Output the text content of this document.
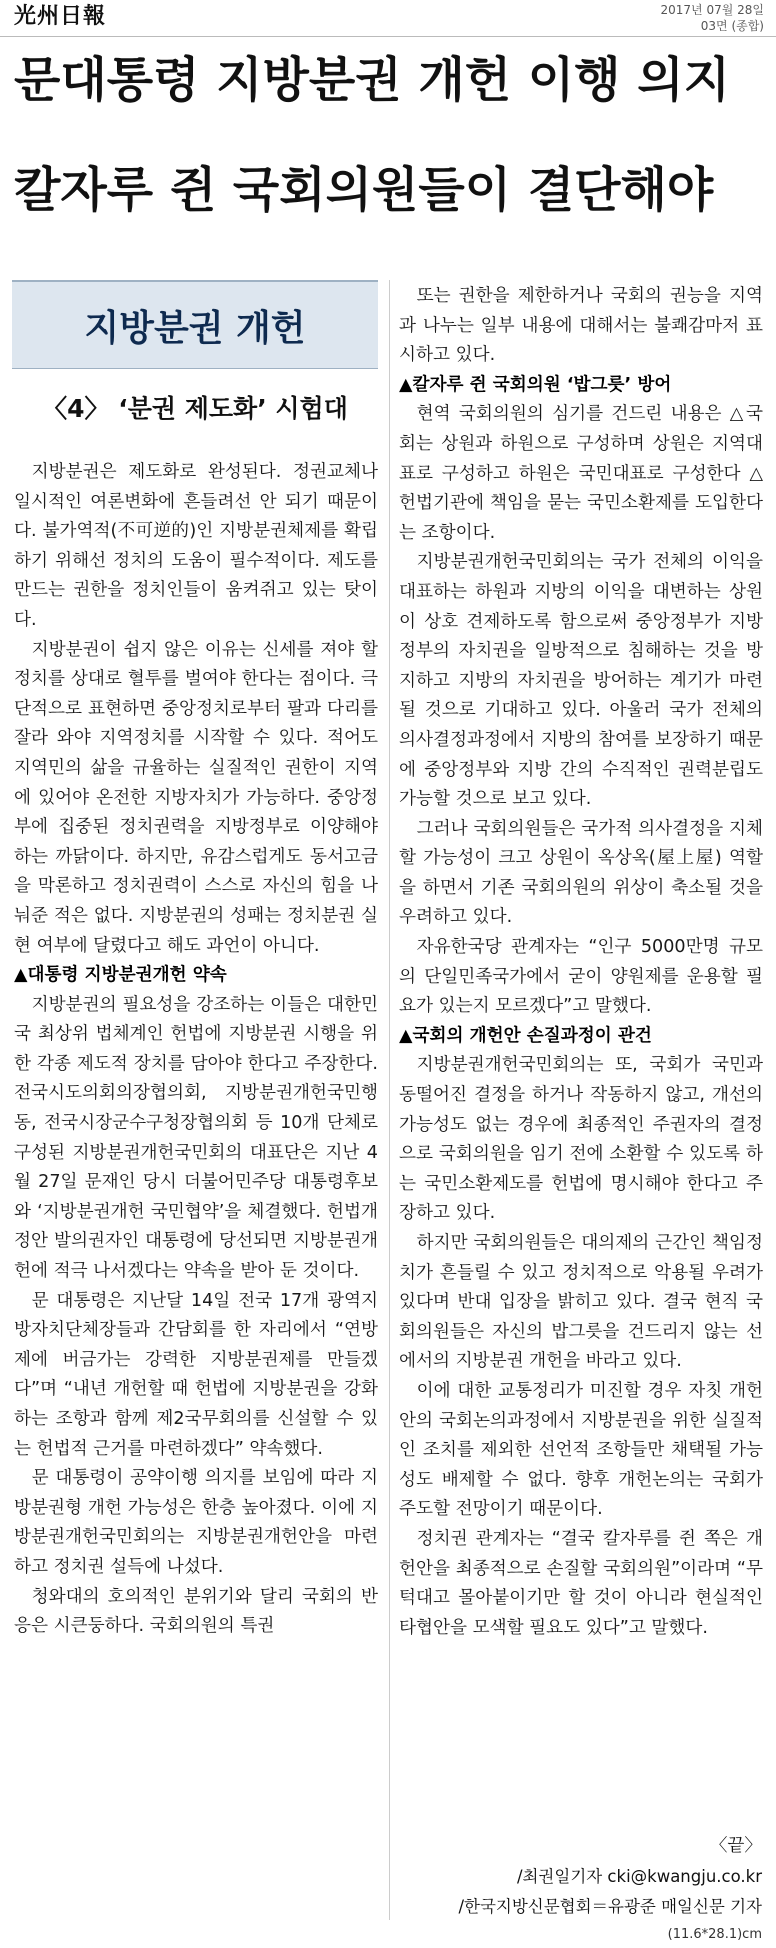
光州日報	2017년 07월 28일
03면 (종합)
문대통령 지방분권 개헌 이행 의지
칼자루 쥔 국회의원들이 결단해야
지방분권 개헌
〈4〉 ‘분권 제도화’ 시험대

지방분권은 제도화로 완성된다. 정권교체나 일시적인 여론변화에 흔들려선 안 되기 때문이다. 불가역적(不可逆的)인 지방분권체제를 확립하기 위해선 정치의 도움이 필수적이다. 제도를 만드는 권한을 정치인들이 움켜쥐고 있는 탓이다.

지방분권이 쉽지 않은 이유는 신세를 져야 할 정치를 상대로 혈투를 벌여야 한다는 점이다. 극단적으로 표현하면 중앙정치로부터 팔과 다리를 잘라 와야 지역정치를 시작할 수 있다. 적어도 지역민의 삶을 규율하는 실질적인 권한이 지역에 있어야 온전한 지방자치가 가능하다. 중앙정부에 집중된 정치권력을 지방정부로 이양해야 하는 까닭이다. 하지만, 유감스럽게도 동서고금을 막론하고 정치권력이 스스로 자신의 힘을 나눠준 적은 없다. 지방분권의 성패는 정치분권 실현 여부에 달렸다고 해도 과언이 아니다.

▲대통령 지방분권개헌 약속

지방분권의 필요성을 강조하는 이들은 대한민국 최상위 법체계인 헌법에 지방분권 시행을 위한 각종 제도적 장치를 담아야 한다고 주장한다. 전국시도의회의장협의회, 지방분권개헌국민행동, 전국시장군수구청장협의회 등 10개 단체로 구성된 지방분권개헌국민회의 대표단은 지난 4월 27일 문재인 당시 더불어민주당 대통령후보와 ‘지방분권개헌 국민협약’을 체결했다. 헌법개정안 발의권자인 대통령에 당선되면 지방분권개헌에 적극 나서겠다는 약속을 받아 둔 것이다.

문 대통령은 지난달 14일 전국 17개 광역지방자치단체장들과 간담회를 한 자리에서 “연방제에 버금가는 강력한 지방분권제를 만들겠다”며 “내년 개헌할 때 헌법에 지방분권을 강화하는 조항과 함께 제2국무회의를 신설할 수 있는 헌법적 근거를 마련하겠다” 약속했다.

문 대통령이 공약이행 의지를 보임에 따라 지방분권형 개헌 가능성은 한층 높아졌다. 이에 지방분권개헌국민회의는 지방분권개헌안을 마련하고 정치권 설득에 나섰다.

청와대의 호의적인 분위기와 달리 국회의 반응은 시큰둥하다. 국회의원의 특권

또는 권한을 제한하거나 국회의 권능을 지역과 나누는 일부 내용에 대해서는 불쾌감마저 표시하고 있다.

▲칼자루 쥔 국회의원 ‘밥그릇’ 방어

현역 국회의원의 심기를 건드린 내용은 △국회는 상원과 하원으로 구성하며 상원은 지역대표로 구성하고 하원은 국민대표로 구성한다 △헌법기관에 책임을 묻는 국민소환제를 도입한다는 조항이다.

지방분권개헌국민회의는 국가 전체의 이익을 대표하는 하원과 지방의 이익을 대변하는 상원이 상호 견제하도록 함으로써 중앙정부가 지방정부의 자치권을 일방적으로 침해하는 것을 방지하고 지방의 자치권을 방어하는 계기가 마련될 것으로 기대하고 있다. 아울러 국가 전체의 의사결정과정에서 지방의 참여를 보장하기 때문에 중앙정부와 지방 간의 수직적인 권력분립도 가능할 것으로 보고 있다.

그러나 국회의원들은 국가적 의사결정을 지체할 가능성이 크고 상원이 옥상옥(屋上屋) 역할을 하면서 기존 국회의원의 위상이 축소될 것을 우려하고 있다.

자유한국당 관계자는 “인구 5000만명 규모의 단일민족국가에서 굳이 양원제를 운용할 필요가 있는지 모르겠다”고 말했다.

▲국회의 개헌안 손질과정이 관건

지방분권개헌국민회의는 또, 국회가 국민과 동떨어진 결정을 하거나 작동하지 않고, 개선의 가능성도 없는 경우에 최종적인 주권자의 결정으로 국회의원을 임기 전에 소환할 수 있도록 하는 국민소환제도를 헌법에 명시해야 한다고 주장하고 있다.

하지만 국회의원들은 대의제의 근간인 책임정치가 흔들릴 수 있고 정치적으로 악용될 우려가 있다며 반대 입장을 밝히고 있다. 결국 현직 국회의원들은 자신의 밥그릇을 건드리지 않는 선에서의 지방분권 개헌을 바라고 있다.

이에 대한 교통정리가 미진할 경우 자칫 개헌안의 국회논의과정에서 지방분권을 위한 실질적인 조치를 제외한 선언적 조항들만 채택될 가능성도 배제할 수 없다. 향후 개헌논의는 국회가 주도할 전망이기 때문이다.

정치권 관계자는 “결국 칼자루를 쥔 쪽은 개헌안을 최종적으로 손질할 국회의원”이라며 “무턱대고 몰아붙이기만 할 것이 아니라 현실적인 타협안을 모색할 필요도 있다”고 말했다.

〈끝〉
/최권일기자 cki@kwangju.co.kr
/한국지방신문협회＝유광준 매일신문 기자
(11.6*28.1)cm
